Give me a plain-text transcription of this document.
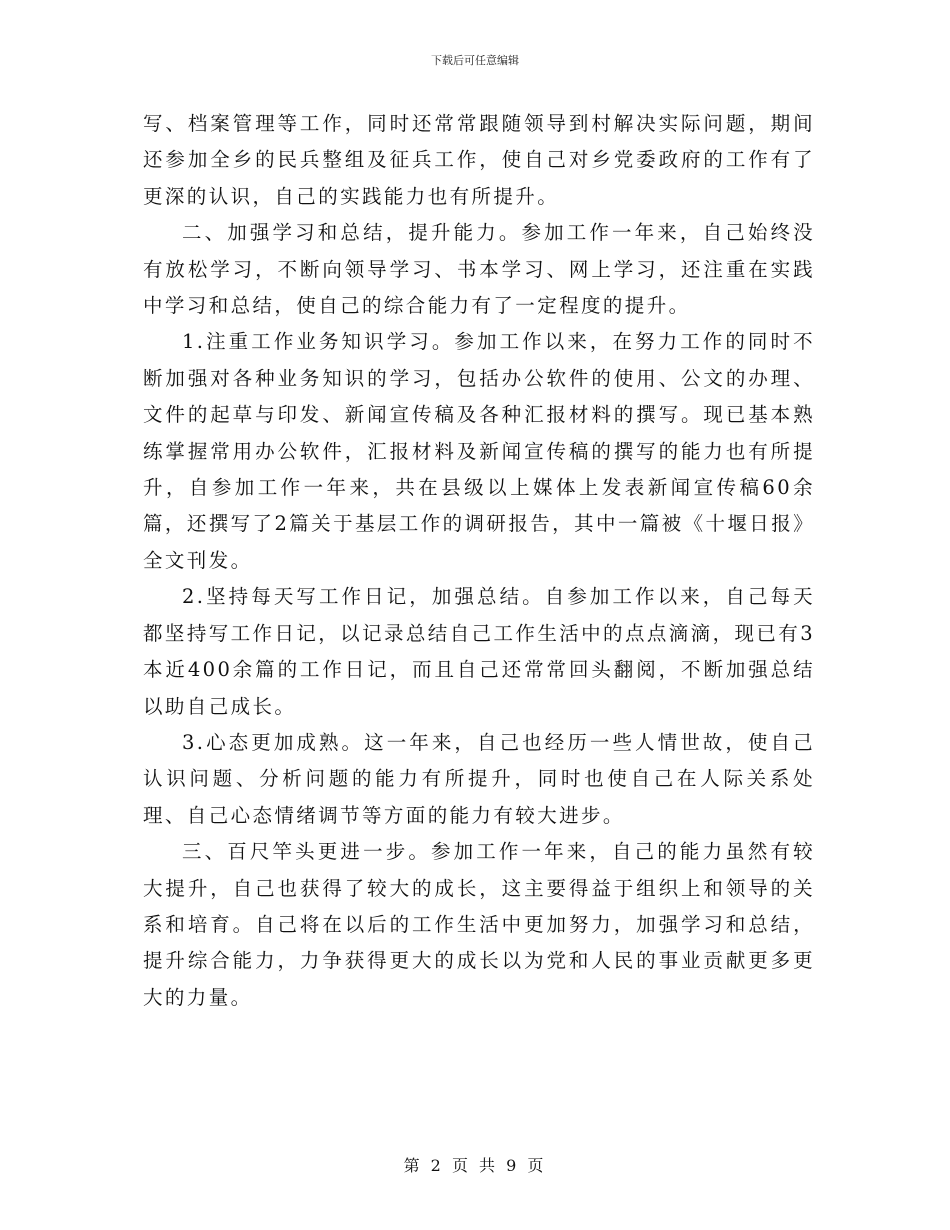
下载后可任意编辑

写、档案管理等工作，同时还常常跟随领导到村解决实际问题，期间还参加全乡的民兵整组及征兵工作，使自己对乡党委政府的工作有了更深的认识，自己的实践能力也有所提升。

二、加强学习和总结，提升能力。参加工作一年来，自己始终没有放松学习，不断向领导学习、书本学习、网上学习，还注重在实践中学习和总结，使自己的综合能力有了一定程度的提升。

1.注重工作业务知识学习。参加工作以来，在努力工作的同时不断加强对各种业务知识的学习，包括办公软件的使用、公文的办理、文件的起草与印发、新闻宣传稿及各种汇报材料的撰写。现已基本熟练掌握常用办公软件，汇报材料及新闻宣传稿的撰写的能力也有所提升，自参加工作一年来，共在县级以上媒体上发表新闻宣传稿60余篇，还撰写了2篇关于基层工作的调研报告，其中一篇被《十堰日报》全文刊发。

2.坚持每天写工作日记，加强总结。自参加工作以来，自己每天都坚持写工作日记，以记录总结自己工作生活中的点点滴滴，现已有3本近400余篇的工作日记，而且自己还常常回头翻阅，不断加强总结以助自己成长。

3.心态更加成熟。这一年来，自己也经历一些人情世故，使自己认识问题、分析问题的能力有所提升，同时也使自己在人际关系处理、自己心态情绪调节等方面的能力有较大进步。

三、百尺竿头更进一步。参加工作一年来，自己的能力虽然有较大提升，自己也获得了较大的成长，这主要得益于组织上和领导的关系和培育。自己将在以后的工作生活中更加努力，加强学习和总结，提升综合能力，力争获得更大的成长以为党和人民的事业贡献更多更大的力量。

第 2 页 共 9 页
